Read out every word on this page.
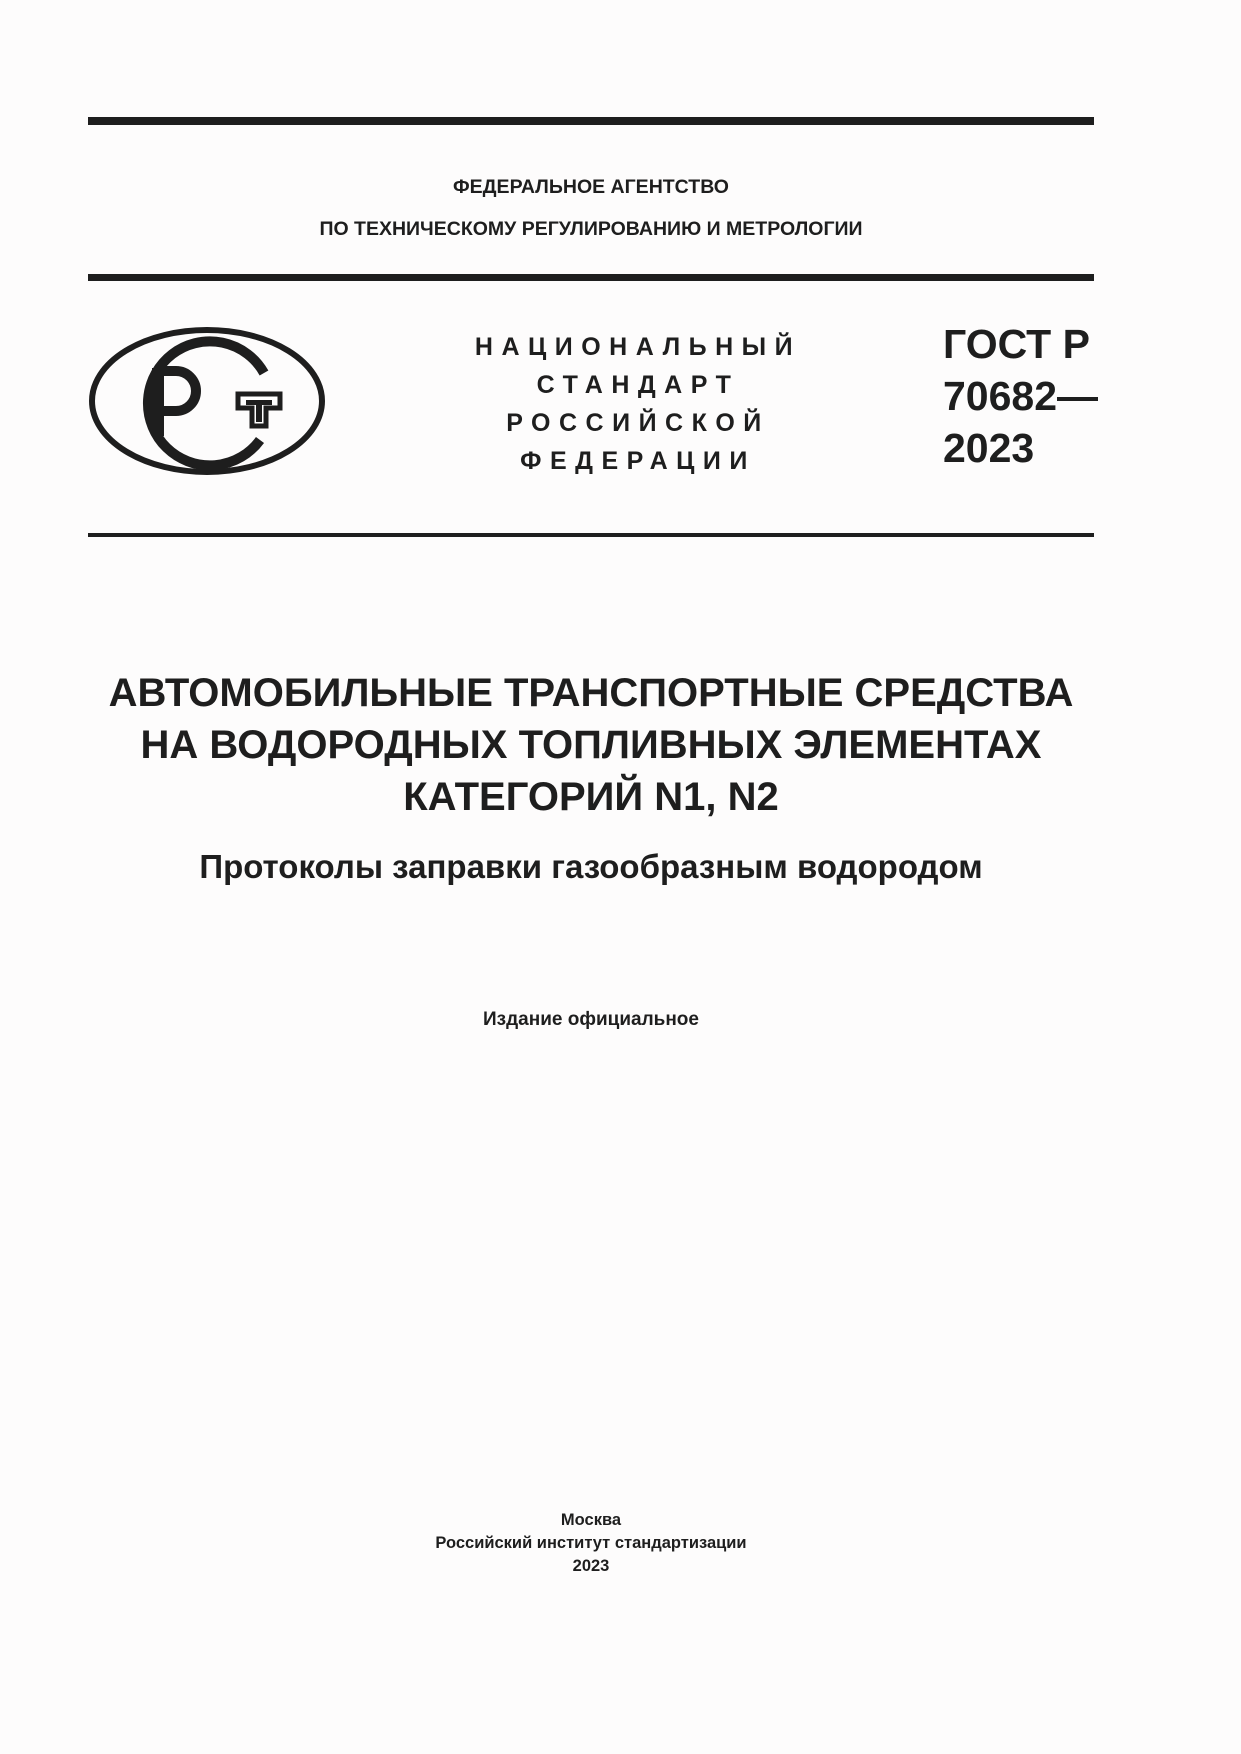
ФЕДЕРАЛЬНОЕ АГЕНТСТВО
ПО ТЕХНИЧЕСКОМУ РЕГУЛИРОВАНИЮ И МЕТРОЛОГИИ
НАЦИОНАЛЬНЫЙ
СТАНДАРТ
РОССИЙСКОЙ
ФЕДЕРАЦИИ
ГОСТ Р
70682—
2023
АВТОМОБИЛЬНЫЕ ТРАНСПОРТНЫЕ СРЕДСТВА
НА ВОДОРОДНЫХ ТОПЛИВНЫХ ЭЛЕМЕНТАХ
КАТЕГОРИЙ N1, N2
Протоколы заправки газообразным водородом
Издание официальное
Москва
Российский институт стандартизации
2023
